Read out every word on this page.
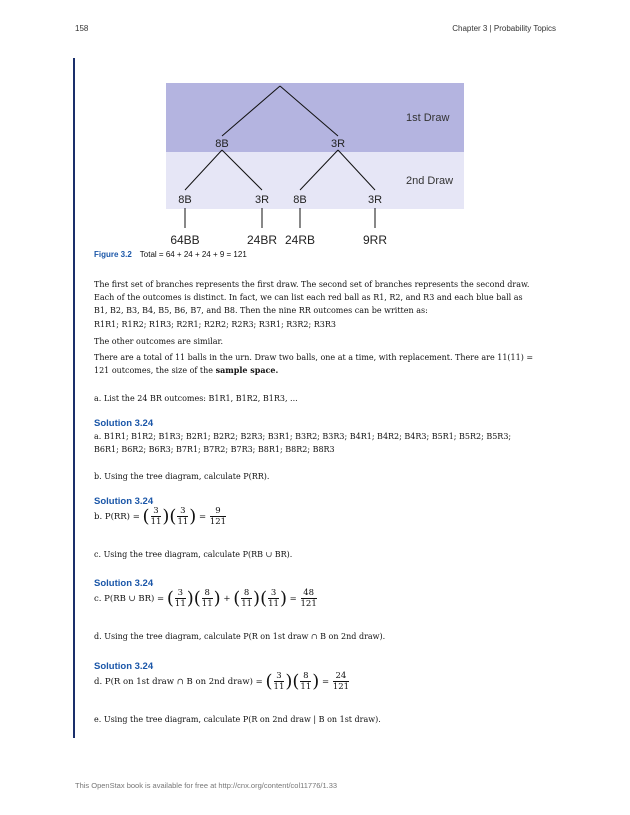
158	Chapter 3 | Probability Topics
1st Draw
2nd Draw
8B	3R
8B	3R 8B	3R
64BB	24BR 24RB	9RR
Figure 3.2 Total = 64 + 24 + 24 + 9 = 121
The first set of branches represents the first draw. The second set of branches represents the second draw. Each of the outcomes is distinct. In fact, we can list each red ball as R1, R2, and R3 and each blue ball as B1, B2, B3, B4, B5, B6, B7, and B8. Then the nine RR outcomes can be written as:
R1R1; R1R2; R1R3; R2R1; R2R2; R2R3; R3R1; R3R2; R3R3
The other outcomes are similar.
There are a total of 11 balls in the urn. Draw two balls, one at a time, with replacement. There are 11(11) = 121 outcomes, the size of the sample space.
a. List the 24 BR outcomes: B1R1, B1R2, B1R3, ...
Solution 3.24
a. B1R1; B1R2; B1R3; B2R1; B2R2; B2R3; B3R1; B3R2; B3R3; B4R1; B4R2; B4R3; B5R1; B5R2; B5R3; B6R1; B6R2; B6R3; B7R1; B7R2; B7R3; B8R1; B8R2; B8R3
b. Using the tree diagram, calculate P(RR).
Solution 3.24
b. P(RR) = ( $\frac{3}{11}$ )( $\frac{3}{11}$ ) = $\frac{9}{121}$
c. Using the tree diagram, calculate P(RB ∪ BR).
Solution 3.24
c. P(RB ∪ BR) = ( $\frac{3}{11}$ )( $\frac{8}{11}$ ) + ( $\frac{8}{11}$ )( $\frac{3}{11}$ ) = $\frac{48}{121}$
d. Using the tree diagram, calculate P(R on 1st draw ∩ B on 2nd draw).
Solution 3.24
d. P(R on 1st draw ∩ B on 2nd draw) = ( $\frac{3}{11}$ )( $\frac{8}{11}$ ) = $\frac{24}{121}$
e. Using the tree diagram, calculate P(R on 2nd draw | B on 1st draw).
This OpenStax book is available for free at http://cnx.org/content/col11776/1.33
